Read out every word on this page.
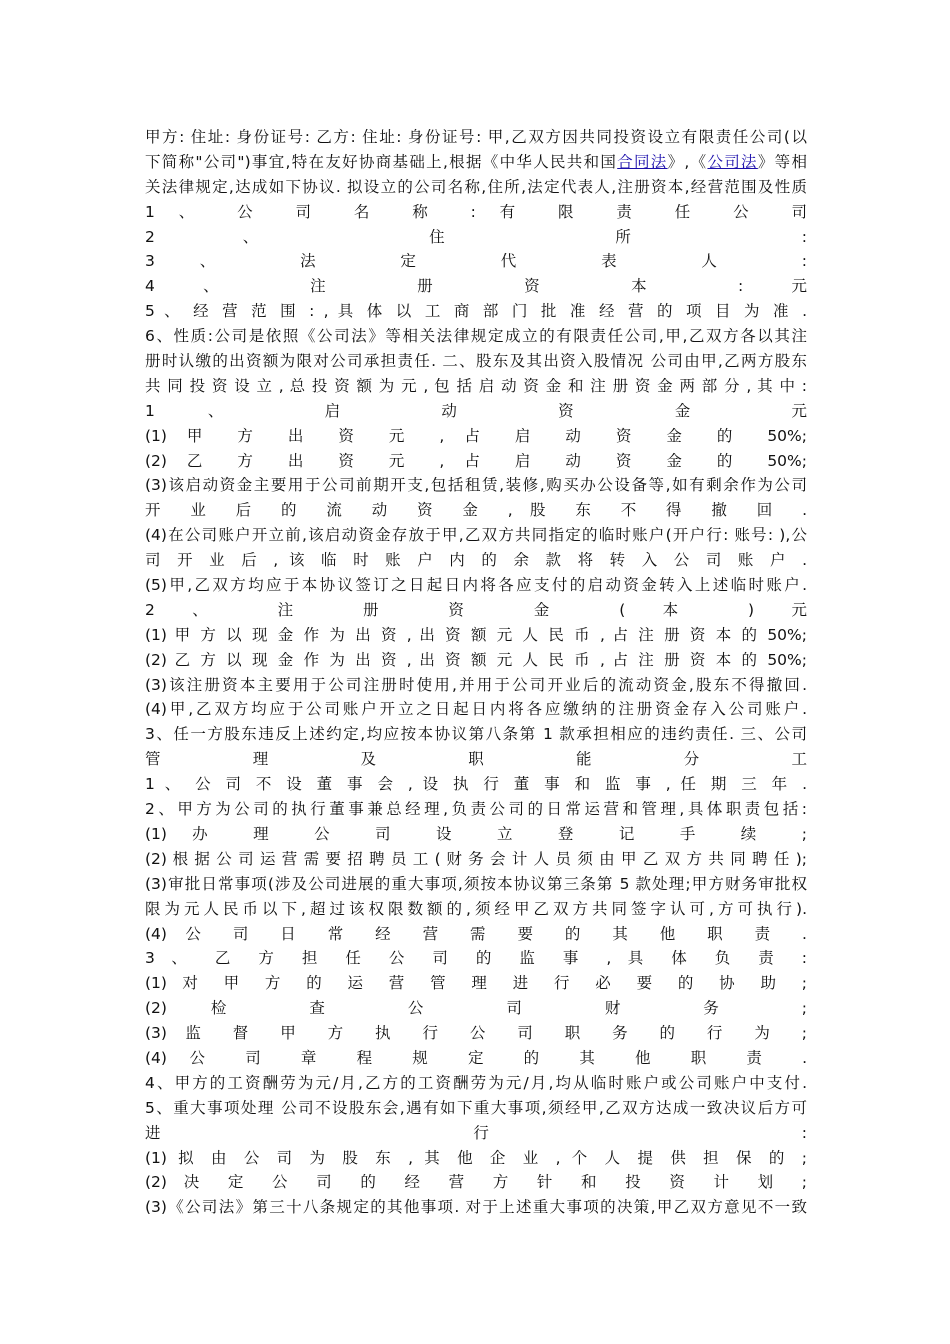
甲方: 住址: 身份证号: 乙方: 住址: 身份证号: 甲,乙双方因共同投资设立有限责任公司(以
下简称"公司")事宜,特在友好协商基础上,根据《中华人民共和国合同法》,《公司法》等相
关法律规定,达成如下协议. 拟设立的公司名称,住所,法定代表人,注册资本,经营范围及性质
1 、 公 司 名 称 : 有 限 责 任 公 司
2 、 住 所 :
3 、 法 定 代 表 人 :
4 、 注 册 资 本 : 元
5 、 经 营 范 围 : , 具 体 以 工 商 部 门 批 准 经 营 的 项 目 为 准 .
6、性质:公司是依照《公司法》等相关法律规定成立的有限责任公司,甲,乙双方各以其注
册时认缴的出资额为限对公司承担责任. 二、股东及其出资入股情况 公司由甲,乙两方股东
共 同 投 资 设 立 , 总 投 资 额 为 元 , 包 括 启 动 资 金 和 注 册 资 金 两 部 分 , 其 中 :
1 、 启 动 资 金 元
(1) 甲 方 出 资 元 , 占 启 动 资 金 的 50%;
(2) 乙 方 出 资 元 , 占 启 动 资 金 的 50%;
(3)该启动资金主要用于公司前期开支,包括租赁,装修,购买办公设备等,如有剩余作为公司
开 业 后 的 流 动 资 金 , 股 东 不 得 撤 回 .
(4)在公司账户开立前,该启动资金存放于甲,乙双方共同指定的临时账户(开户行: 账号: ),公
司 开 业 后 , 该 临 时 账 户 内 的 余 款 将 转 入 公 司 账 户 .
(5)甲,乙双方均应于本协议签订之日起日内将各应支付的启动资金转入上述临时账户.
2 、 注 册 资 金 ( 本 ) 元
(1) 甲 方 以 现 金 作 为 出 资 , 出 资 额 元 人 民 币 , 占 注 册 资 本 的 50%;
(2) 乙 方 以 现 金 作 为 出 资 , 出 资 额 元 人 民 币 , 占 注 册 资 本 的 50%;
(3)该注册资本主要用于公司注册时使用,并用于公司开业后的流动资金,股东不得撤回.
(4)甲,乙双方均应于公司账户开立之日起日内将各应缴纳的注册资金存入公司账户.
3、任一方股东违反上述约定,均应按本协议第八条第 1 款承担相应的违约责任. 三、公司
管 理 及 职 能 分 工
1 、 公 司 不 设 董 事 会 , 设 执 行 董 事 和 监 事 , 任 期 三 年 .
2、甲方为公司的执行董事兼总经理,负责公司的日常运营和管理,具体职责包括:
(1) 办 理 公 司 设 立 登 记 手 续 ;
(2) 根 据 公 司 运 营 需 要 招 聘 员 工 ( 财 务 会 计 人 员 须 由 甲 乙 双 方 共 同 聘 任 );
(3)审批日常事项(涉及公司进展的重大事项,须按本协议第三条第 5 款处理;甲方财务审批权
限为元人民币以下,超过该权限数额的,须经甲乙双方共同签字认可,方可执行).
(4) 公 司 日 常 经 营 需 要 的 其 他 职 责 .
3 、 乙 方 担 任 公 司 的 监 事 , 具 体 负 责 :
(1) 对 甲 方 的 运 营 管 理 进 行 必 要 的 协 助 ;
(2) 检 查 公 司 财 务 ;
(3) 监 督 甲 方 执 行 公 司 职 务 的 行 为 ;
(4) 公 司 章 程 规 定 的 其 他 职 责 .
4、甲方的工资酬劳为元/月,乙方的工资酬劳为元/月,均从临时账户或公司账户中支付.
5、重大事项处理 公司不设股东会,遇有如下重大事项,须经甲,乙双方达成一致决议后方可
进 行 :
(1) 拟 由 公 司 为 股 东 , 其 他 企 业 , 个 人 提 供 担 保 的 ;
(2) 决 定 公 司 的 经 营 方 针 和 投 资 计 划 ;
(3)《公司法》第三十八条规定的其他事项. 对于上述重大事项的决策,甲乙双方意见不一致
